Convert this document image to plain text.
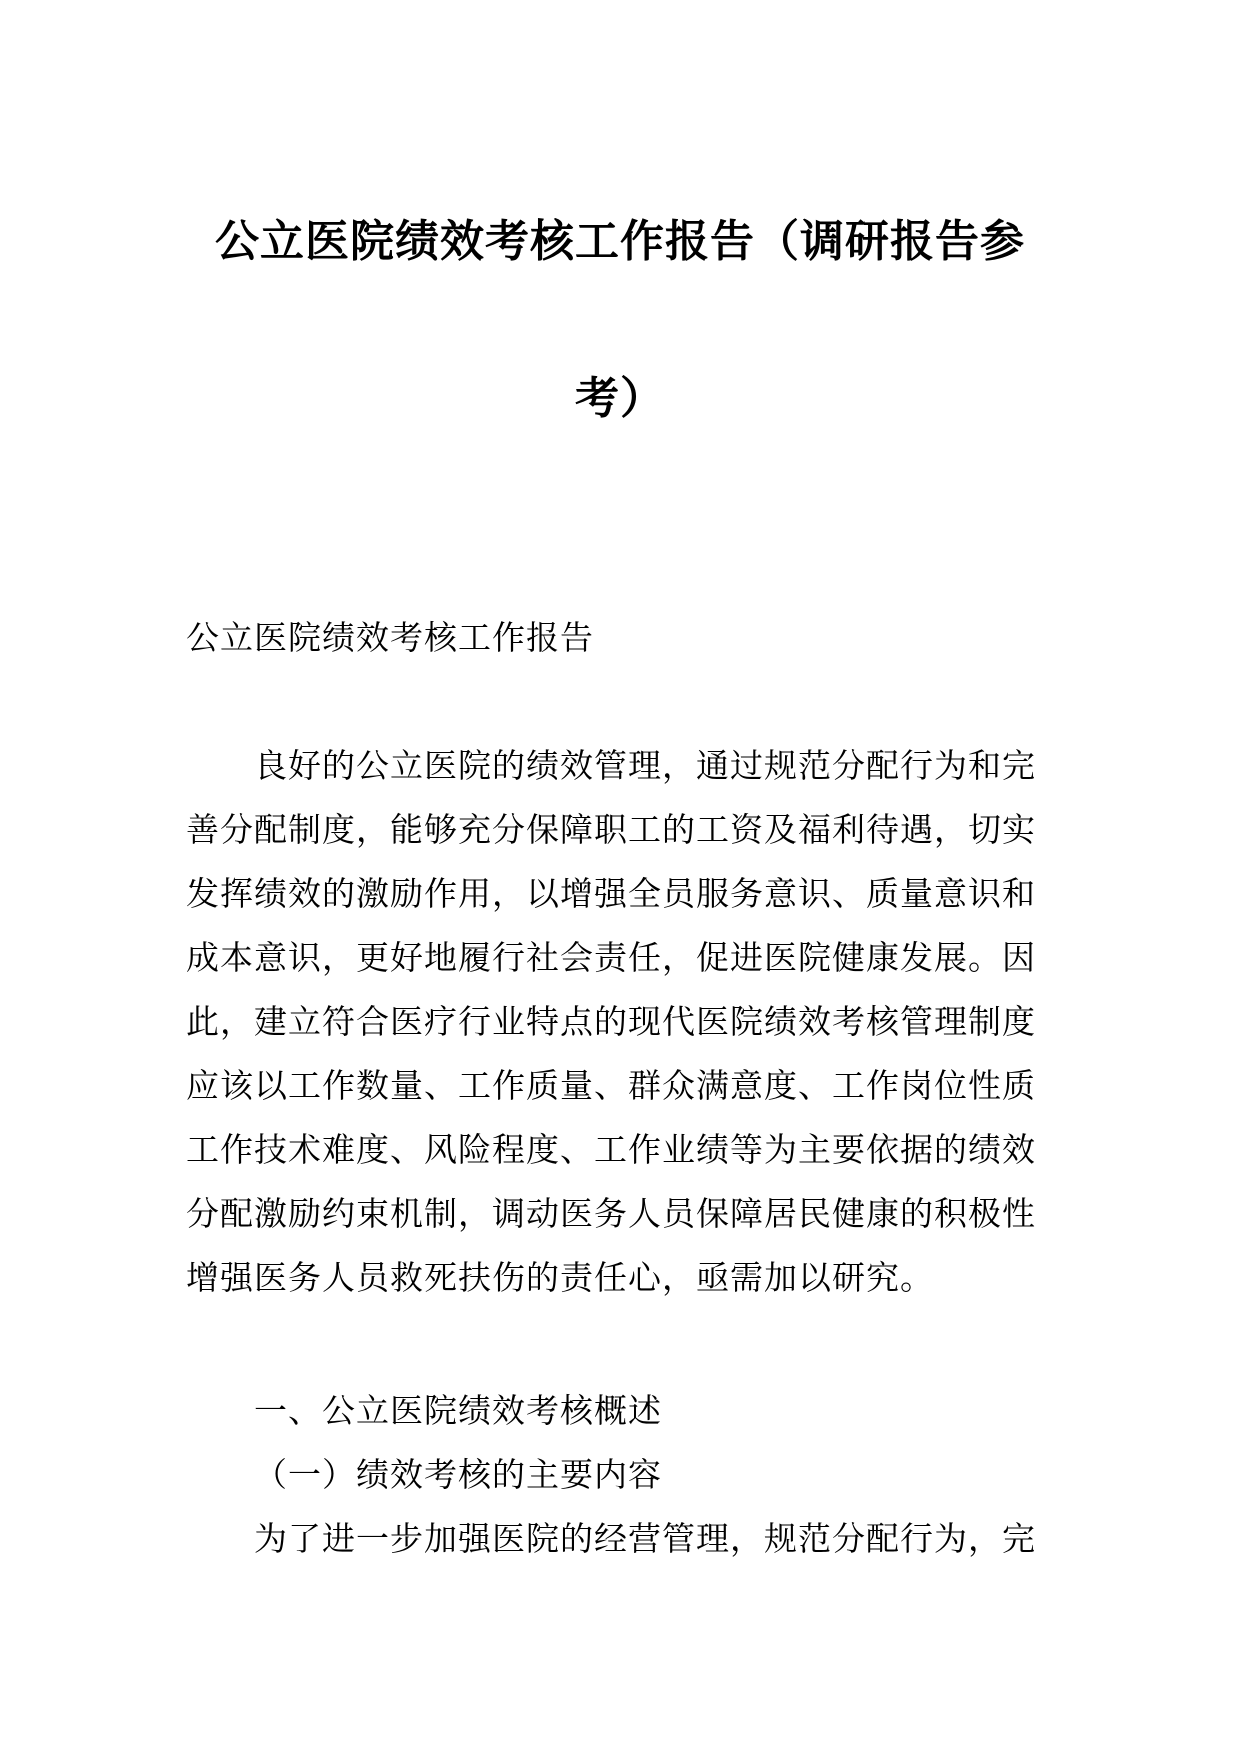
公立医院绩效考核工作报告（调研报告参
考）

公立医院绩效考核工作报告

良好的公立医院的绩效管理，通过规范分配行为和完

善分配制度，能够充分保障职工的工资及福利待遇，切实

发挥绩效的激励作用，以增强全员服务意识、质量意识和

成本意识，更好地履行社会责任，促进医院健康发展。因

此，建立符合医疗行业特点的现代医院绩效考核管理制度

应该以工作数量、工作质量、群众满意度、工作岗位性质

工作技术难度、风险程度、工作业绩等为主要依据的绩效

分配激励约束机制，调动医务人员保障居民健康的积极性

增强医务人员救死扶伤的责任心，亟需加以研究。

一、公立医院绩效考核概述

（一）绩效考核的主要内容

为了进一步加强医院的经营管理，规范分配行为，完
